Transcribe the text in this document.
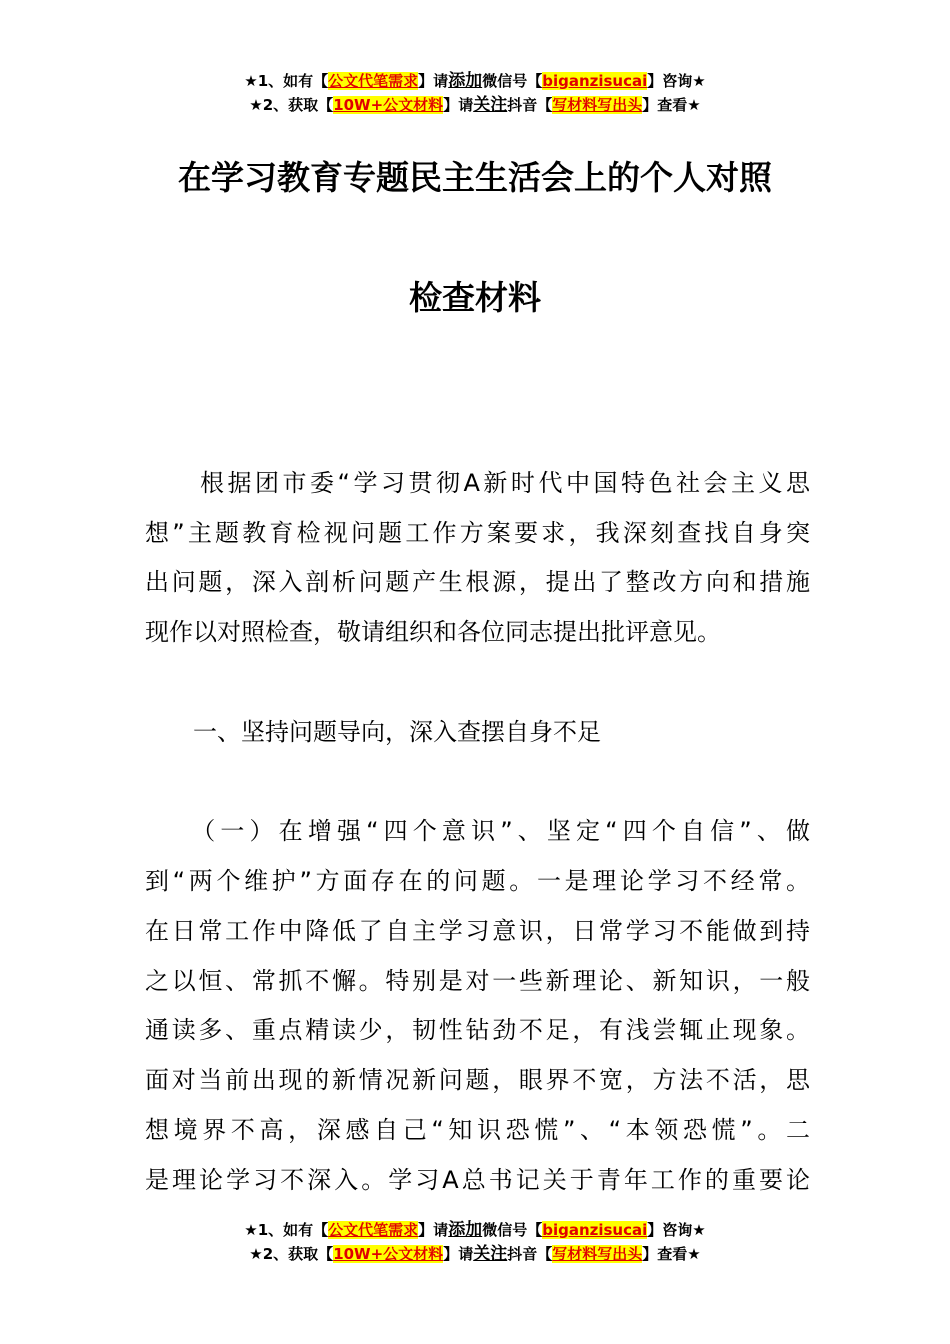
★1、如有【公文代笔需求】请添加微信号【biganzisucai】咨询★
★2、获取【10W+公文材料】请关注抖音【写材料写出头】查看★
在学习教育专题民主生活会上的个人对照
检查材料
　　根据团市委“学习贯彻A新时代中国特色社会主义思
想”主题教育检视问题工作方案要求，我深刻查找自身突
出问题，深入剖析问题产生根源，提出了整改方向和措施
现作以对照检查，敬请组织和各位同志提出批评意见。
　　一、坚持问题导向，深入查摆自身不足
　　（一）在增强“四个意识”、坚定“四个自信”、做
到“两个维护”方面存在的问题。一是理论学习不经常。
在日常工作中降低了自主学习意识，日常学习不能做到持
之以恒、常抓不懈。特别是对一些新理论、新知识，一般
通读多、重点精读少，韧性钻劲不足，有浅尝辄止现象。
面对当前出现的新情况新问题，眼界不宽，方法不活，思
想境界不高，深感自己“知识恐慌”、“本领恐慌”。二
是理论学习不深入。学习A总书记关于青年工作的重要论
★1、如有【公文代笔需求】请添加微信号【biganzisucai】咨询★
★2、获取【10W+公文材料】请关注抖音【写材料写出头】查看★
